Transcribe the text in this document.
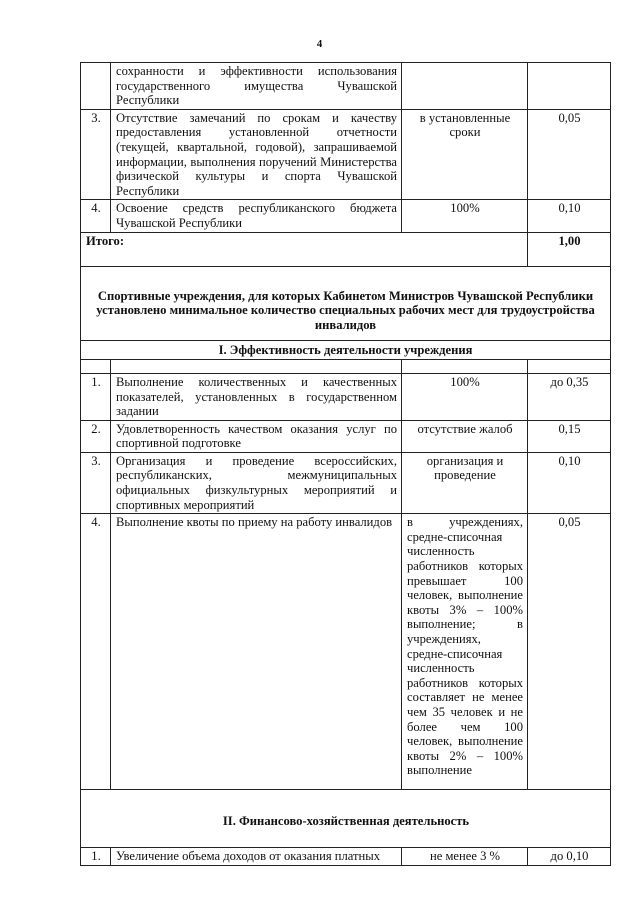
4
	сохранности и эффективности использования государственного имущества Чувашской Республики		
3.	Отсутствие замечаний по срокам и качеству предоставления установленной отчетности (текущей, квартальной, годовой), запрашиваемой информации, выполнения поручений Министерства физической культуры и спорта Чувашской Республики	в установленные сроки	0,05
4.	Освоение средств республиканского бюджета Чувашской Республики	100%	0,10
Итого:			1,00
Спортивные учреждения, для которых Кабинетом Министров Чувашской Республики установлено минимальное количество специальных рабочих мест для трудоустройства инвалидов			
I. Эффективность деятельности учреждения			

1.	Выполнение количественных и качественных показателей, установленных в государственном задании	100%	до 0,35
2.	Удовлетворенность качеством оказания услуг по спортивной подготовке	отсутствие жалоб	0,15
3.	Организация и проведение всероссийских, республиканских, межмуниципальных официальных физкультурных мероприятий и спортивных мероприятий	организация и проведение	0,10
4.	Выполнение квоты по приему на работу инвалидов	в учреждениях, средне-списочная численность работников которых превышает 100 человек, выполнение квоты 3% – 100% выполнение; в учреждениях, средне-списочная численность работников которых составляет не менее чем 35 человек и не более чем 100 человек, выполнение квоты 2% – 100% выполнение	0,05
II. Финансово-хозяйственная деятельность			
1.	Увеличение объема доходов от оказания платных	не менее 3 %	до 0,10
